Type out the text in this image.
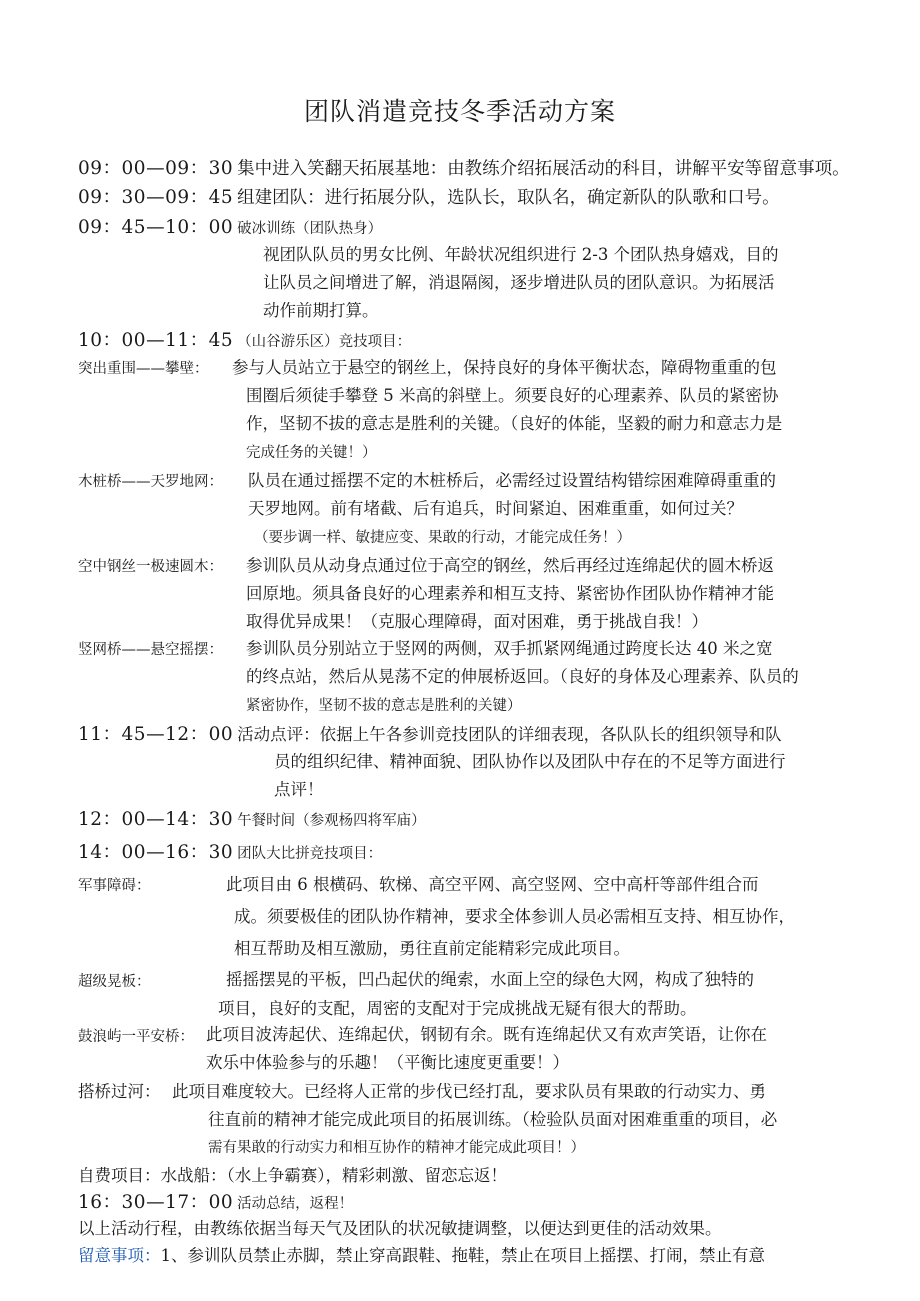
团队消遣竞技冬季活动方案
09：00—09：30 集中进入笑翻天拓展基地：由教练介绍拓展活动的科目，讲解平安等留意事项。
09：30—09：45 组建团队：进行拓展分队，选队长，取队名，确定新队的队歌和口号。
09：45—10：00 破冰训练（团队热身）
视团队队员的男女比例、年龄状况组织进行 2-3 个团队热身嬉戏，目的
让队员之间增进了解，消退隔阂，逐步增进队员的团队意识。为拓展活
动作前期打算。
10：00—11：45 （山谷游乐区）竞技项目：
突出重围——攀壁： 参与人员站立于悬空的钢丝上，保持良好的身体平衡状态，障碍物重重的包
围圈后须徒手攀登 5 米高的斜壁上。须要良好的心理素养、队员的紧密协
作，坚韧不拔的意志是胜利的关键。（良好的体能，坚毅的耐力和意志力是
完成任务的关键！）
木桩桥——天罗地网： 队员在通过摇摆不定的木桩桥后，必需经过设置结构错综困难障碍重重的
天罗地网。前有堵截、后有追兵，时间紧迫、困难重重，如何过关？
（要步调一样、敏捷应变、果敢的行动，才能完成任务！）
空中钢丝一极速圆木： 参训队员从动身点通过位于高空的钢丝，然后再经过连绵起伏的圆木桥返
回原地。须具备良好的心理素养和相互支持、紧密协作团队协作精神才能
取得优异成果！（克服心理障碍，面对困难，勇于挑战自我！）
竖网桥——悬空摇摆： 参训队员分别站立于竖网的两侧，双手抓紧网绳通过跨度长达 40 米之宽
的终点站，然后从晃荡不定的伸展桥返回。（良好的身体及心理素养、队员的
紧密协作，坚韧不拔的意志是胜利的关键）
11：45—12：00 活动点评：依据上午各参训竞技团队的详细表现，各队队长的组织领导和队
员的组织纪律、精神面貌、团队协作以及团队中存在的不足等方面进行
点评！
12：00—14：30 午餐时间（参观杨四将军庙）
14：00—16：30 团队大比拼竞技项目：
军事障碍：	此项目由 6 根横码、软梯、高空平网、高空竖网、空中高杆等部件组合而
成。须要极佳的团队协作精神，要求全体参训人员必需相互支持、相互协作，
相互帮助及相互激励，勇往直前定能精彩完成此项目。
超级晃板：	摇摇摆晃的平板，凹凸起伏的绳索，水面上空的绿色大网，构成了独特的
项目，良好的支配，周密的支配对于完成挑战无疑有很大的帮助。
鼓浪屿一平安桥： 此项目波涛起伏、连绵起伏，钢韧有余。既有连绵起伏又有欢声笑语，让你在
欢乐中体验参与的乐趣！（平衡比速度更重要！）
搭桥过河： 此项目难度较大。已经将人正常的步伐已经打乱，要求队员有果敢的行动实力、勇
往直前的精神才能完成此项目的拓展训练。（检验队员面对困难重重的项目，必
需有果敢的行动实力和相互协作的精神才能完成此项目！）
自费项目：水战船：（水上争霸赛），精彩刺激、留恋忘返！
16：30—17：00 活动总结，返程！
以上活动行程，由教练依据当每天气及团队的状况敏捷调整，以便达到更佳的活动效果。
留意事项：1、参训队员禁止赤脚，禁止穿高跟鞋、拖鞋，禁止在项目上摇摆、打闹，禁止有意
